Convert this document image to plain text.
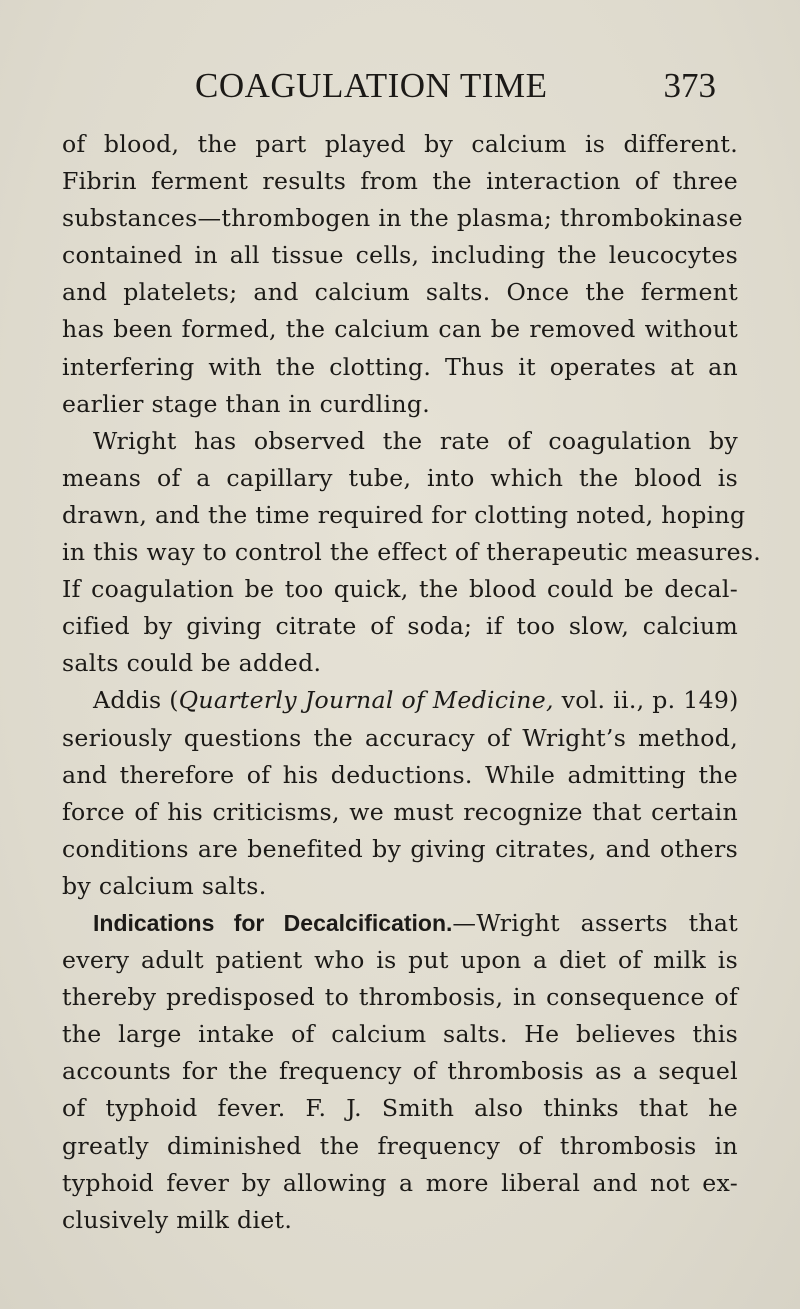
COAGULATION TIME	373
of blood, the part played by calcium is different.
Fibrin ferment results from the interaction of three
substances—thrombogen in the plasma; thrombokinase
contained in all tissue cells, including the leucocytes
and platelets; and calcium salts. Once the ferment
has been formed, the calcium can be removed without
interfering with the clotting. Thus it operates at an
earlier stage than in curdling.
Wright has observed the rate of coagulation by
means of a capillary tube, into which the blood is
drawn, and the time required for clotting noted, hoping
in this way to control the effect of therapeutic measures.
If coagulation be too quick, the blood could be decal-
cified by giving citrate of soda; if too slow, calcium
salts could be added.
Addis (Quarterly Journal of Medicine, vol. ii., p. 149)
seriously questions the accuracy of Wright’s method,
and therefore of his deductions. While admitting the
force of his criticisms, we must recognize that certain
conditions are benefited by giving citrates, and others
by calcium salts.
Indications for Decalcification.—Wright asserts that
every adult patient who is put upon a diet of milk is
thereby predisposed to thrombosis, in consequence of
the large intake of calcium salts. He believes this
accounts for the frequency of thrombosis as a sequel
of typhoid fever. F. J. Smith also thinks that he
greatly diminished the frequency of thrombosis in
typhoid fever by allowing a more liberal and not ex-
clusively milk diet.
